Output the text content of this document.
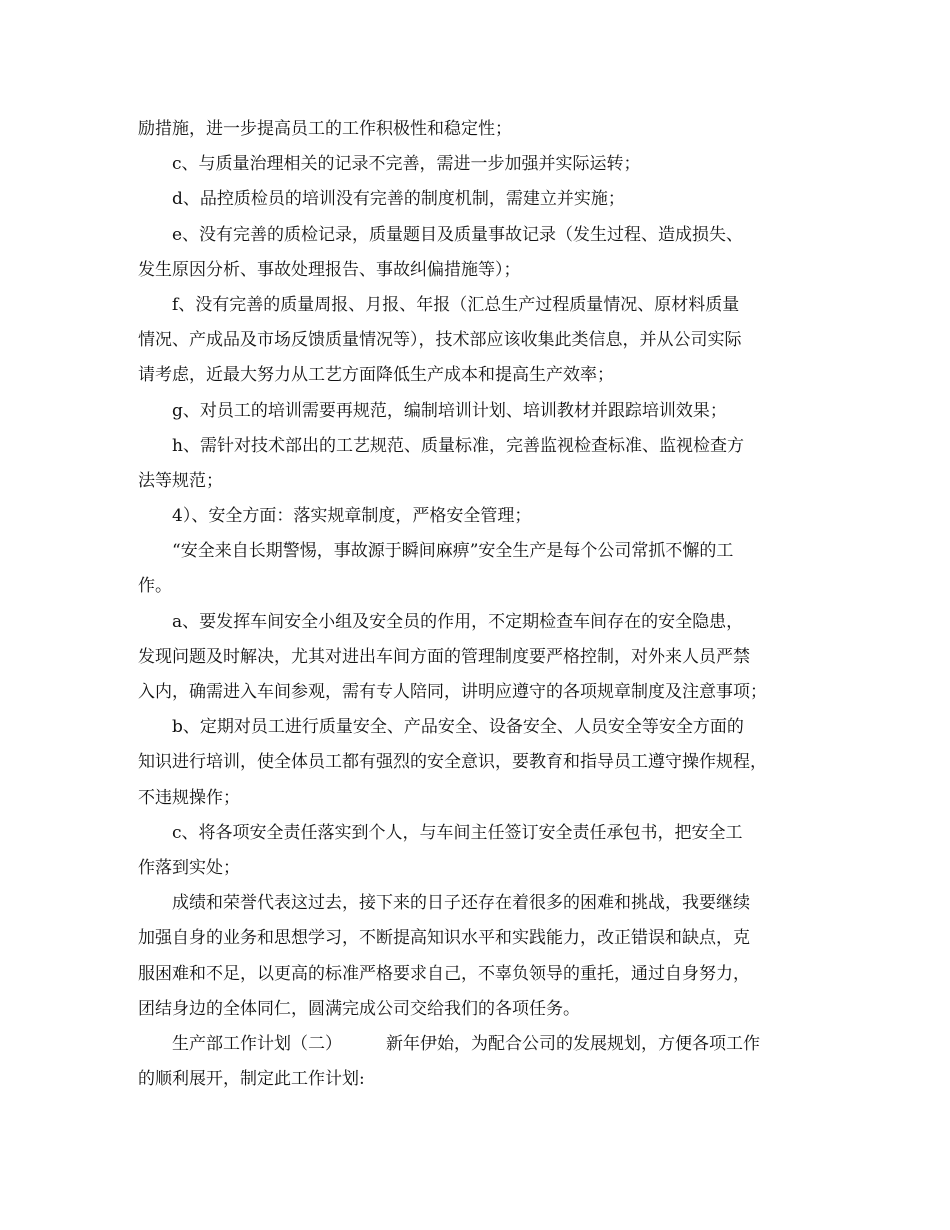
励措施，进一步提高员工的工作积极性和稳定性；
c、与质量治理相关的记录不完善，需进一步加强并实际运转；
d、品控质检员的培训没有完善的制度机制，需建立并实施；
e、没有完善的质检记录，质量题目及质量事故记录（发生过程、造成损失、
发生原因分析、事故处理报告、事故纠偏措施等）；
f、没有完善的质量周报、月报、年报（汇总生产过程质量情况、原材料质量
情况、产成品及市场反馈质量情况等），技术部应该收集此类信息，并从公司实际
请考虑，近最大努力从工艺方面降低生产成本和提高生产效率；
g、对员工的培训需要再规范，编制培训计划、培训教材并跟踪培训效果；
h、需针对技术部出的工艺规范、质量标准，完善监视检查标准、监视检查方
法等规范；
4）、安全方面：落实规章制度，严格安全管理；
“安全来自长期警惕，事故源于瞬间麻痹”安全生产是每个公司常抓不懈的工
作。
a、要发挥车间安全小组及安全员的作用，不定期检查车间存在的安全隐患，
发现问题及时解决，尤其对进出车间方面的管理制度要严格控制，对外来人员严禁
入内，确需进入车间参观，需有专人陪同，讲明应遵守的各项规章制度及注意事项；
b、定期对员工进行质量安全、产品安全、设备安全、人员安全等安全方面的
知识进行培训，使全体员工都有强烈的安全意识，要教育和指导员工遵守操作规程，
不违规操作；
c、将各项安全责任落实到个人，与车间主任签订安全责任承包书，把安全工
作落到实处；
成绩和荣誉代表这过去，接下来的日子还存在着很多的困难和挑战，我要继续
加强自身的业务和思想学习，不断提高知识水平和实践能力，改正错误和缺点，克
服困难和不足，以更高的标准严格要求自己，不辜负领导的重托，通过自身努力，
团结身边的全体同仁，圆满完成公司交给我们的各项任务。
生产部工作计划（二）	新年伊始，为配合公司的发展规划，方便各项工作
的顺利展开，制定此工作计划:
